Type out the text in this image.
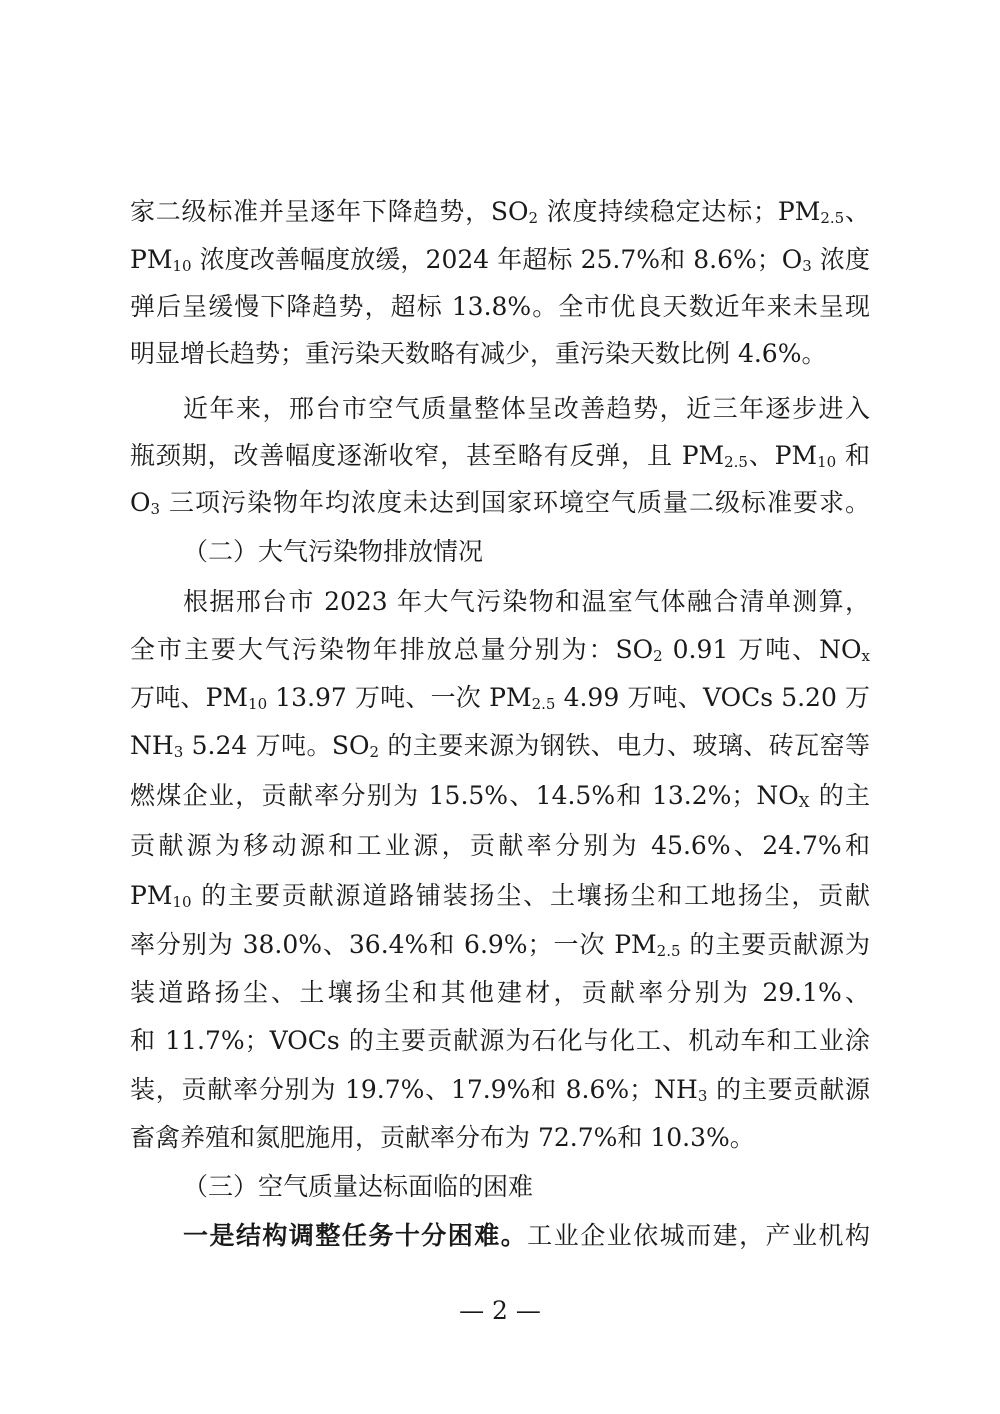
家二级标准并呈逐年下降趋势，$SO_2$ 浓度持续稳定达标；$PM_{2.5}$、
$PM_{10}$ 浓度改善幅度放缓，2024 年超标 25.7%和 8.6%；$O_3$ 浓度
弹后呈缓慢下降趋势，超标 13.8%。全市优良天数近年来未呈现
明显增长趋势；重污染天数略有减少，重污染天数比例 4.6%。
近年来，邢台市空气质量整体呈改善趋势，近三年逐步进入
瓶颈期，改善幅度逐渐收窄，甚至略有反弹，且 $PM_{2.5}$、$PM_{10}$ 和
$O_3$ 三项污染物年均浓度未达到国家环境空气质量二级标准要求。
（二）大气污染物排放情况
根据邢台市 2023 年大气污染物和温室气体融合清单测算，
全市主要大气污染物年排放总量分别为：$SO_2$ 0.91 万吨、$NO_x$
万吨、$PM_{10}$ 13.97 万吨、一次 $PM_{2.5}$ 4.99 万吨、VOCs 5.20 万
$NH_3$ 5.24 万吨。$SO_2$ 的主要来源为钢铁、电力、玻璃、砖瓦窑等
燃煤企业，贡献率分别为 15.5%、14.5%和 13.2%；$NO_X$ 的主
贡献源为移动源和工业源，贡献率分别为 45.6%、24.7%和
$PM_{10}$ 的主要贡献源道路铺装扬尘、土壤扬尘和工地扬尘，贡献
率分别为 38.0%、36.4%和 6.9%；一次 $PM_{2.5}$ 的主要贡献源为
装道路扬尘、土壤扬尘和其他建材，贡献率分别为 29.1%、
和 11.7%；VOCs 的主要贡献源为石化与化工、机动车和工业涂
装，贡献率分别为 19.7%、17.9%和 8.6%；$NH_3$ 的主要贡献源
畜禽养殖和氮肥施用，贡献率分布为 72.7%和 10.3%。
（三）空气质量达标面临的困难
一是结构调整任务十分困难。工业企业依城而建，产业机构
— 2 —
